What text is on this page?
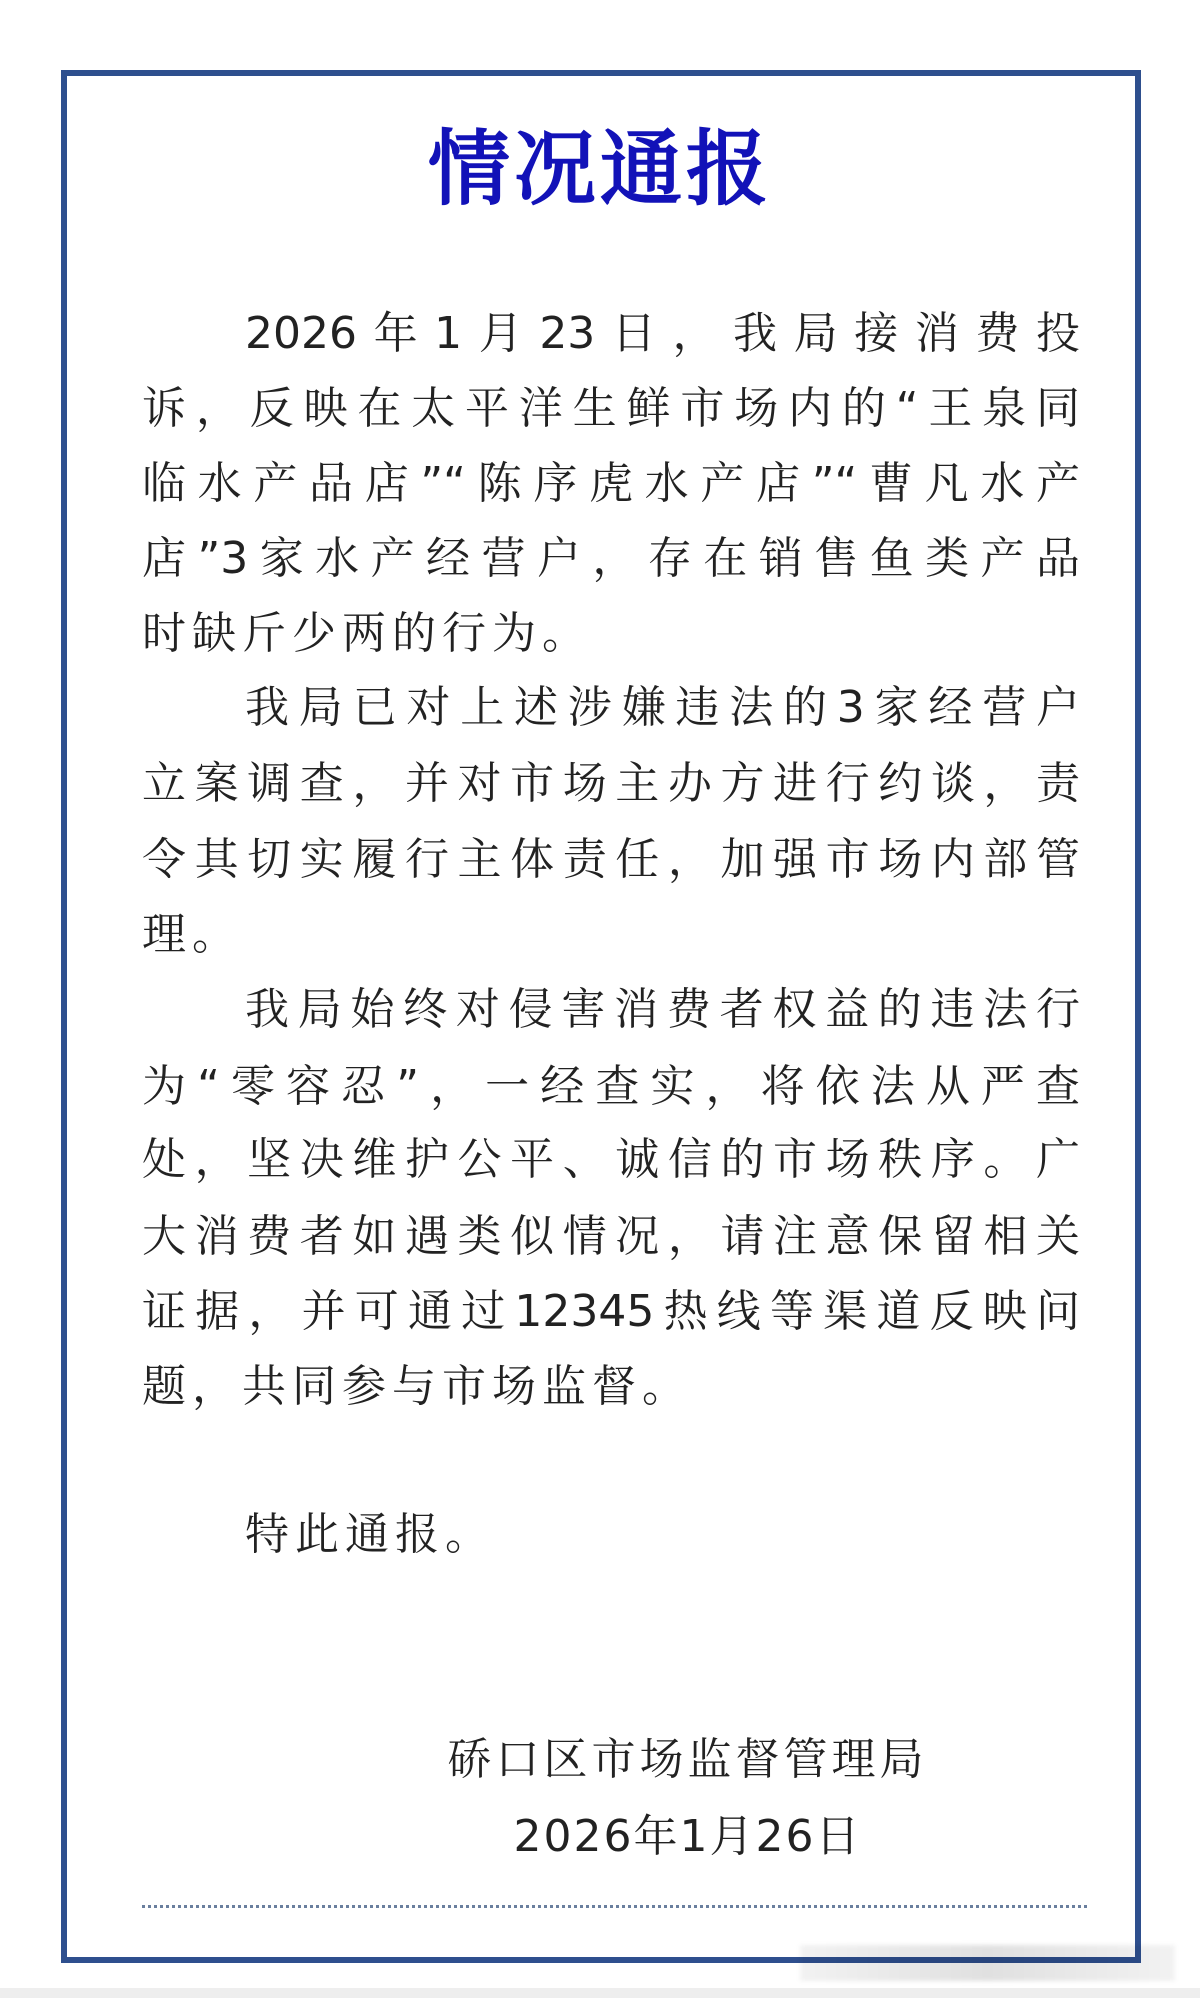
情况通报
2026年1月23日，我局接消费投
诉，反映在太平洋生鲜市场内的“王泉同
临水产品店”“陈序虎水产店”“曹凡水产
店”3家水产经营户，存在销售鱼类产品
时缺斤少两的行为。
我局已对上述涉嫌违法的3家经营户
立案调查，并对市场主办方进行约谈，责
令其切实履行主体责任，加强市场内部管
理。
我局始终对侵害消费者权益的违法行
为“零容忍”，一经查实，将依法从严查
处，坚决维护公平、诚信的市场秩序。广
大消费者如遇类似情况，请注意保留相关
证据，并可通过12345热线等渠道反映问
题，共同参与市场监督。
特此通报。
硚口区市场监督管理局
2026年1月26日
